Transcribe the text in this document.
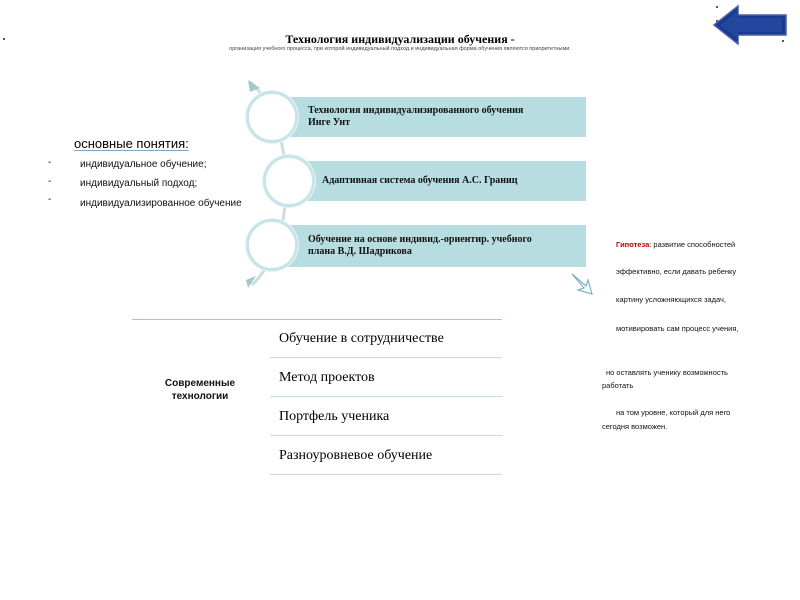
Технология индивидуализации обучения -
организация учебного процесса, при которой индивидуальный подход и индивидуальная форма обучения являются приоритетными.
основные понятия:
-
-
-
индивидуальное обучение;
индивидуальный подход;
индивидуализированное обучение
Технология индивидуализированного обучения
Инге Унт
Адаптивная система обучения А.С. Границ
Обучение на основе индивид.-ориентир. учебного
плана В.Д. Шадрикова
Гипотеза: развитие способностей
эффективно, если давать ребенку
картину усложняющихся задач,
мотивировать сам процесс учения,
но оставлять ученику возможность
работать
на том уровне, который для него
сегодня возможен.
Современные
технологии
Обучение в сотрудничестве
Метод проектов
Портфель ученика
Разноуровневое обучение
